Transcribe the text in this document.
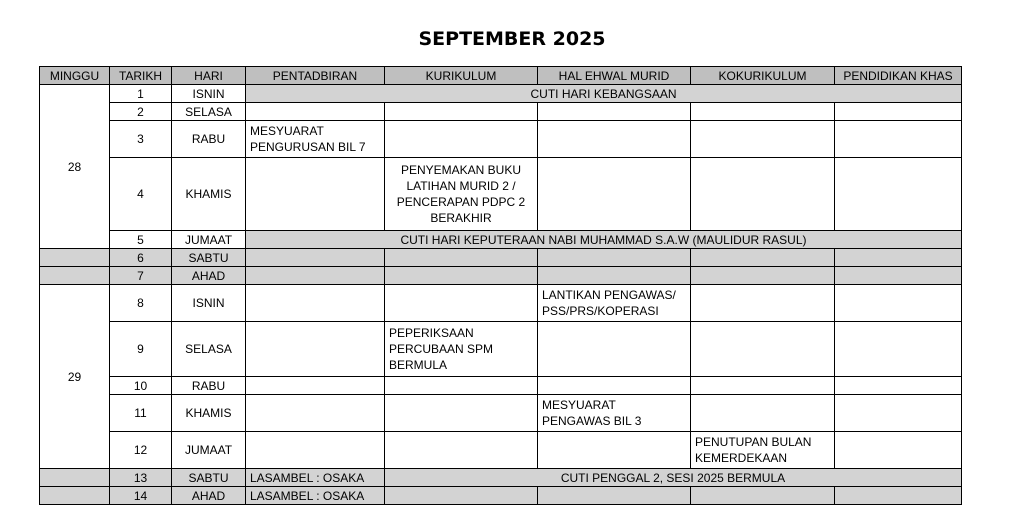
SEPTEMBER 2025
MINGGU	TARIKH	HARI	PENTADBIRAN	KURIKULUM	HAL EHWAL MURID	KOKURIKULUM	PENDIDIKAN KHAS
28	1	ISNIN	CUTI HARI KEBANGSAAN				
	2	SELASA					
	3	RABU	MESYUARAT PENGURUSAN BIL 7				
	4	KHAMIS		PENYEMAKAN BUKU LATIHAN MURID 2 / PENCERAPAN PDPC 2 BERAKHIR			
	5	JUMAAT	CUTI HARI KEPUTERAAN NABI MUHAMMAD S.A.W (MAULIDUR RASUL)				
	6	SABTU					
	7	AHAD					
29	8	ISNIN			LANTIKAN PENGAWAS/ PSS/PRS/KOPERASI		
	9	SELASA		PEPERIKSAAN PERCUBAAN SPM BERMULA			
	10	RABU					
	11	KHAMIS			MESYUARAT PENGAWAS BIL 3		
	12	JUMAAT				PENUTUPAN BULAN KEMERDEKAAN	
	13	SABTU	LASAMBEL : OSAKA	CUTI PENGGAL 2, SESI 2025 BERMULA			
	14	AHAD	LASAMBEL : OSAKA				
